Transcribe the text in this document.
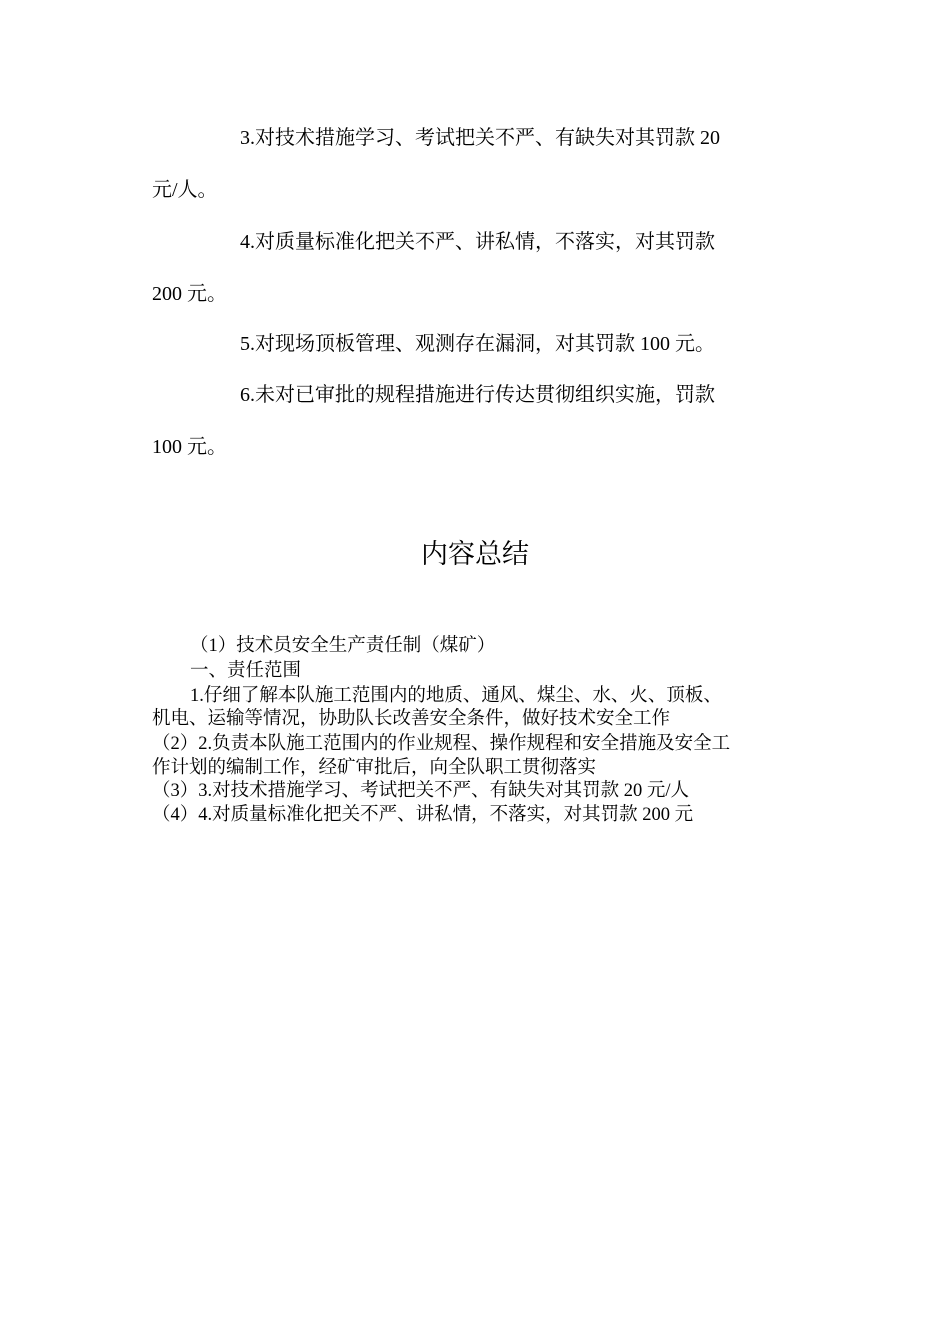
3.对技术措施学习、考试把关不严、有缺失对其罚款 20
元/人。
4.对质量标准化把关不严、讲私情，不落实，对其罚款
200 元。
5.对现场顶板管理、观测存在漏洞，对其罚款 100 元。
6.未对已审批的规程措施进行传达贯彻组织实施，罚款
100 元。
内容总结
（1）技术员安全生产责任制（煤矿）
一、责任范围
1.仔细了解本队施工范围内的地质、通风、煤尘、水、火、顶板、
机电、运输等情况，协助队长改善安全条件，做好技术安全工作
（2）2.负责本队施工范围内的作业规程、操作规程和安全措施及安全工
作计划的编制工作，经矿审批后，向全队职工贯彻落实
（3）3.对技术措施学习、考试把关不严、有缺失对其罚款 20 元/人
（4）4.对质量标准化把关不严、讲私情，不落实，对其罚款 200 元
